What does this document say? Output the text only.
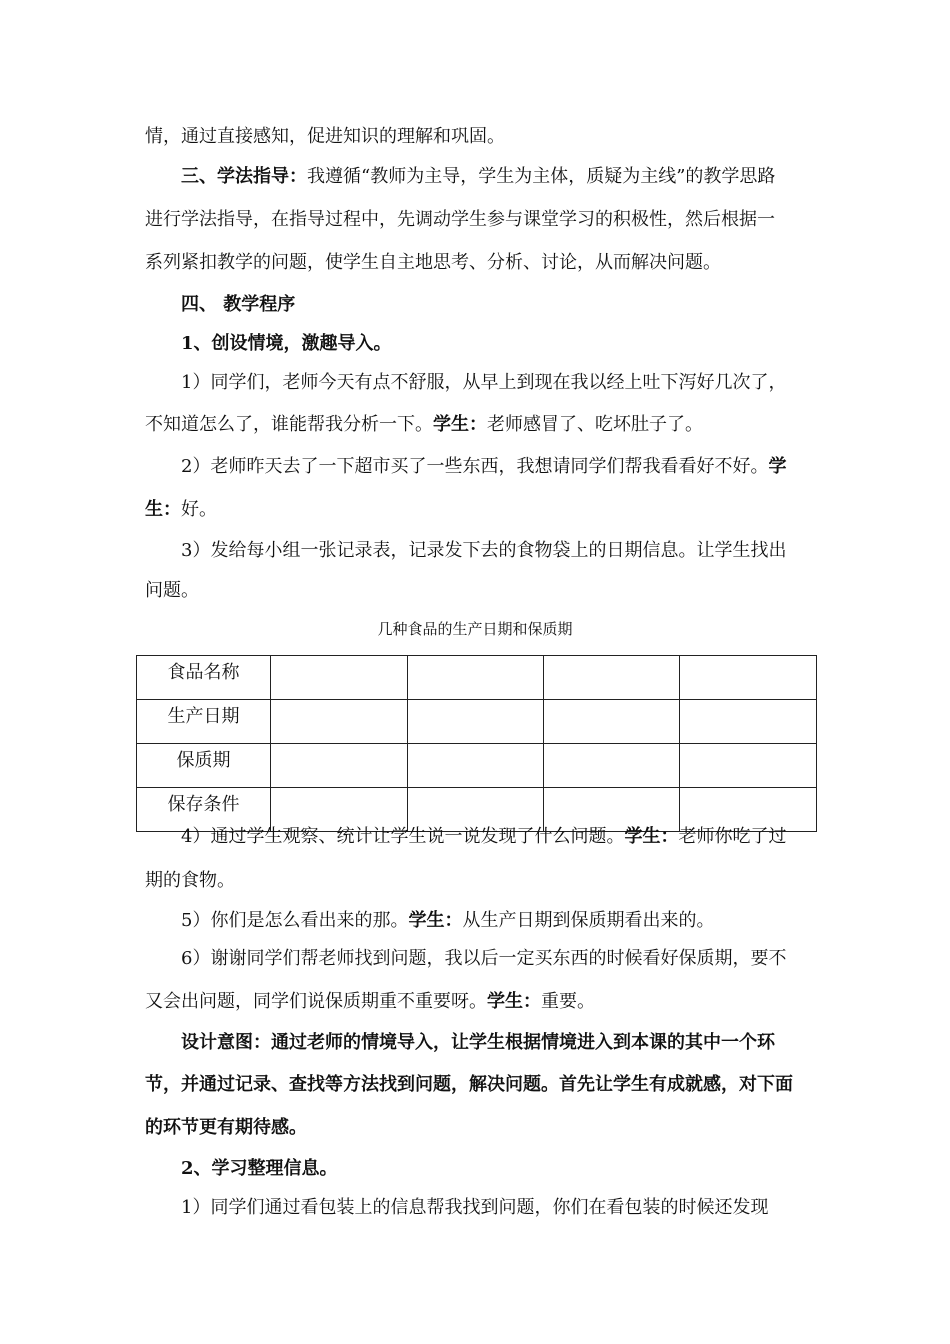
情，通过直接感知，促进知识的理解和巩固。
三、学法指导：我遵循“教师为主导，学生为主体，质疑为主线”的教学思路
进行学法指导，在指导过程中，先调动学生参与课堂学习的积极性，然后根据一
系列紧扣教学的问题，使学生自主地思考、分析、讨论，从而解决问题。
四、 教学程序
1、创设情境，激趣导入。
1）同学们，老师今天有点不舒服，从早上到现在我以经上吐下泻好几次了，
不知道怎么了，谁能帮我分析一下。学生：老师感冒了、吃坏肚子了。
2）老师昨天去了一下超市买了一些东西，我想请同学们帮我看看好不好。学
生：好。
3）发给每小组一张记录表，记录发下去的食物袋上的日期信息。让学生找出
问题。
几种食品的生产日期和保质期
食品名称				
生产日期				
保质期				
保存条件				
4）通过学生观察、统计让学生说一说发现了什么问题。学生：老师你吃了过
期的食物。
5）你们是怎么看出来的那。学生：从生产日期到保质期看出来的。
6）谢谢同学们帮老师找到问题，我以后一定买东西的时候看好保质期，要不
又会出问题，同学们说保质期重不重要呀。学生：重要。
设计意图：通过老师的情境导入，让学生根据情境进入到本课的其中一个环
节，并通过记录、查找等方法找到问题，解决问题。首先让学生有成就感，对下面
的环节更有期待感。
2、学习整理信息。
1）同学们通过看包装上的信息帮我找到问题，你们在看包装的时候还发现
